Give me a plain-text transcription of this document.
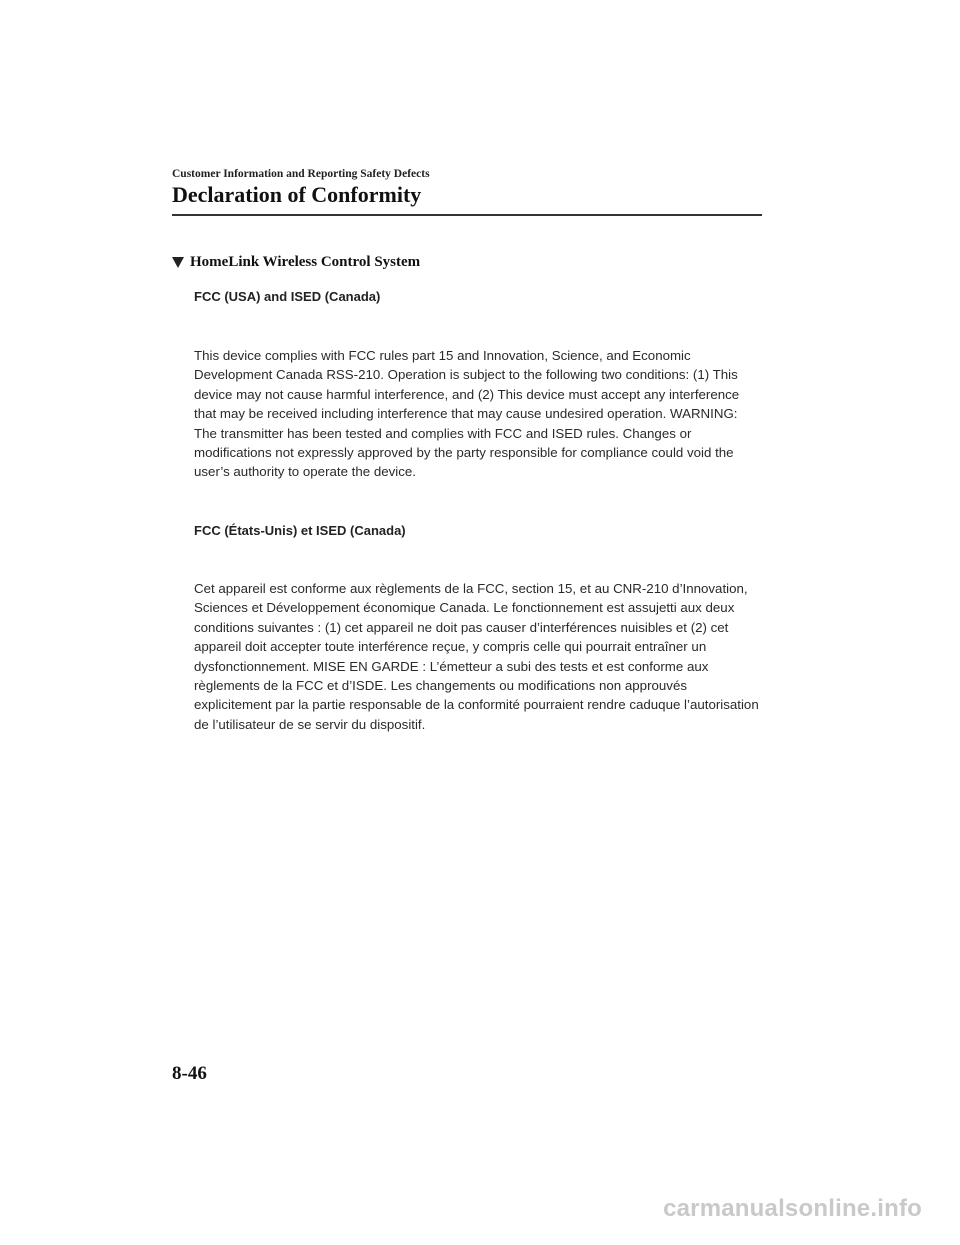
Customer Information and Reporting Safety Defects
Declaration of Conformity
HomeLink Wireless Control System
FCC (USA) and ISED (Canada)

This device complies with FCC rules part 15 and Innovation, Science, and Economic Development Canada RSS-210. Operation is subject to the following two conditions: (1) This device may not cause harmful interference, and (2) This device must accept any interference that may be received including interference that may cause undesired operation. WARNING: The transmitter has been tested and complies with FCC and ISED rules. Changes or modifications not expressly approved by the party responsible for compliance could void the user’s authority to operate the device.

FCC (États-Unis) et ISED (Canada)

Cet appareil est conforme aux règlements de la FCC, section 15, et au CNR-210 d’Innovation, Sciences et Développement économique Canada. Le fonctionnement est assujetti aux deux conditions suivantes : (1) cet appareil ne doit pas causer d’interférences nuisibles et (2) cet appareil doit accepter toute interférence reçue, y compris celle qui pourrait entraîner un dysfonctionnement. MISE EN GARDE : L’émetteur a subi des tests et est conforme aux règlements de la FCC et d’ISDE. Les changements ou modifications non approuvés explicitement par la partie responsable de la conformité pourraient rendre caduque l’autorisation de l’utilisateur de se servir du dispositif.

8-46
carmanualsonline.info
